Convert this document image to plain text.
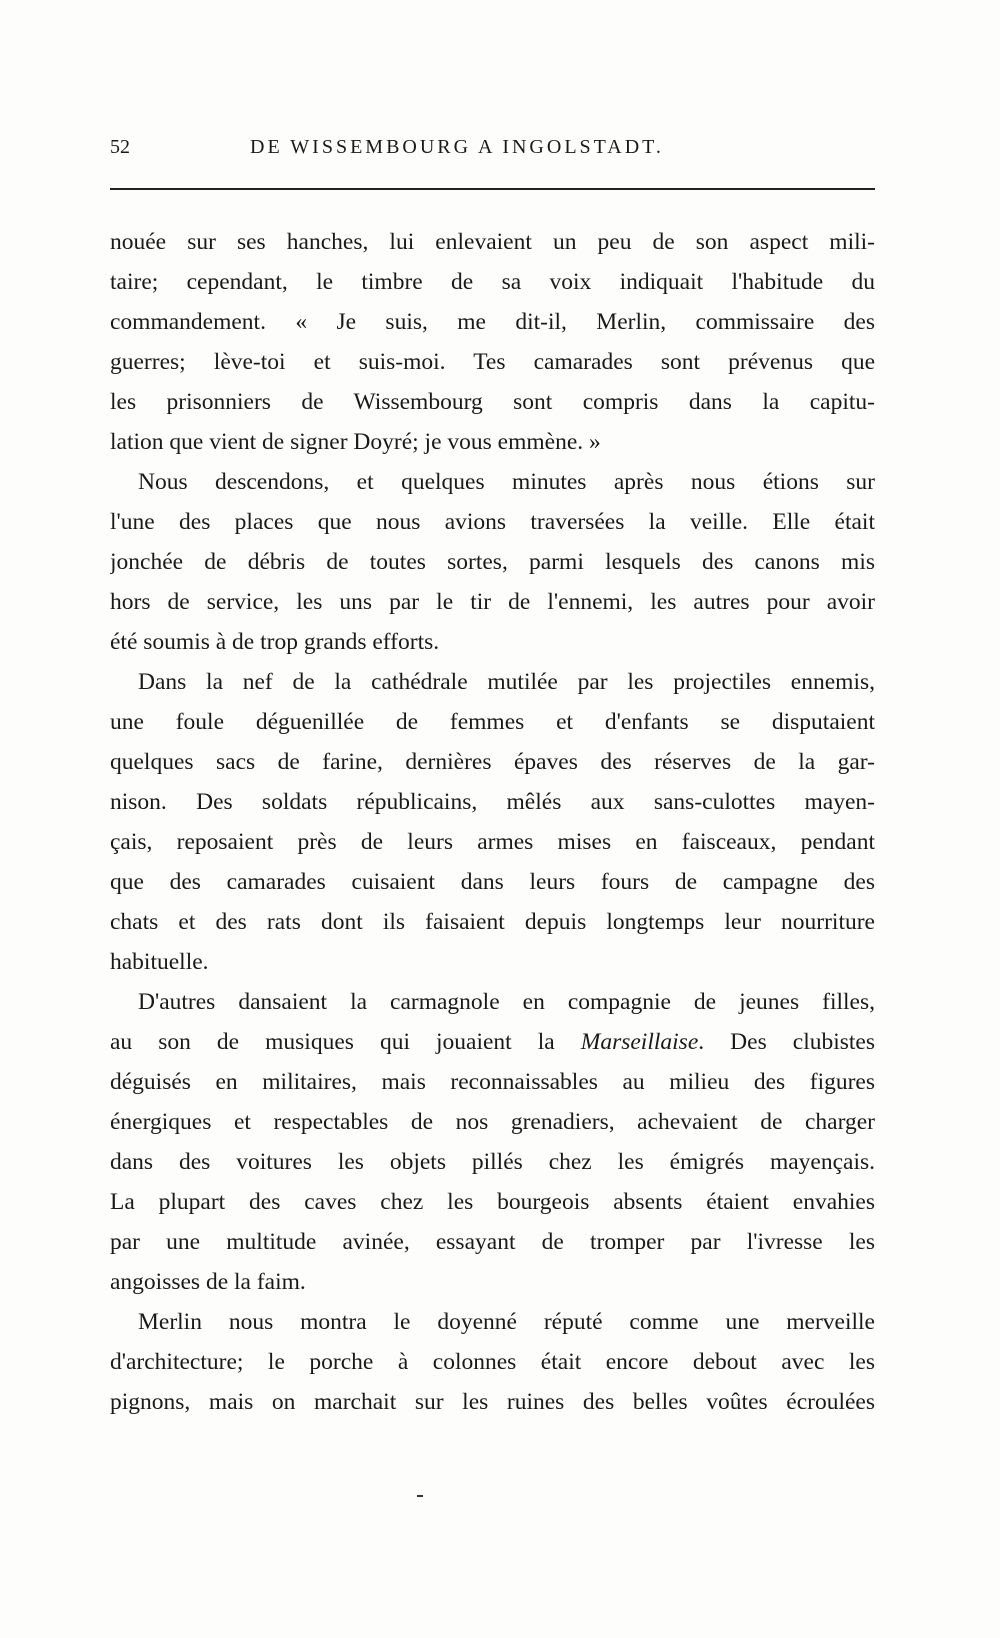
52	DE WISSEMBOURG A INGOLSTADT.
nouée sur ses hanches, lui enlevaient un peu de son aspect mili-
taire; cependant, le timbre de sa voix indiquait l'habitude du
commandement. « Je suis, me dit-il, Merlin, commissaire des
guerres; lève-toi et suis-moi. Tes camarades sont prévenus que
les prisonniers de Wissembourg sont compris dans la capitu-
lation que vient de signer Doyré; je vous emmène. »
Nous descendons, et quelques minutes après nous étions sur
l'une des places que nous avions traversées la veille. Elle était
jonchée de débris de toutes sortes, parmi lesquels des canons mis
hors de service, les uns par le tir de l'ennemi, les autres pour avoir
été soumis à de trop grands efforts.
Dans la nef de la cathédrale mutilée par les projectiles ennemis,
une foule déguenillée de femmes et d'enfants se disputaient
quelques sacs de farine, dernières épaves des réserves de la gar-
nison. Des soldats républicains, mêlés aux sans-culottes mayen-
çais, reposaient près de leurs armes mises en faisceaux, pendant
que des camarades cuisaient dans leurs fours de campagne des
chats et des rats dont ils faisaient depuis longtemps leur nourriture
habituelle.
D'autres dansaient la carmagnole en compagnie de jeunes filles,
au son de musiques qui jouaient la Marseillaise. Des clubistes
déguisés en militaires, mais reconnaissables au milieu des figures
énergiques et respectables de nos grenadiers, achevaient de charger
dans des voitures les objets pillés chez les émigrés mayençais.
La plupart des caves chez les bourgeois absents étaient envahies
par une multitude avinée, essayant de tromper par l'ivresse les
angoisses de la faim.
Merlin nous montra le doyenné réputé comme une merveille
d'architecture; le porche à colonnes était encore debout avec les
pignons, mais on marchait sur les ruines des belles voûtes écroulées
